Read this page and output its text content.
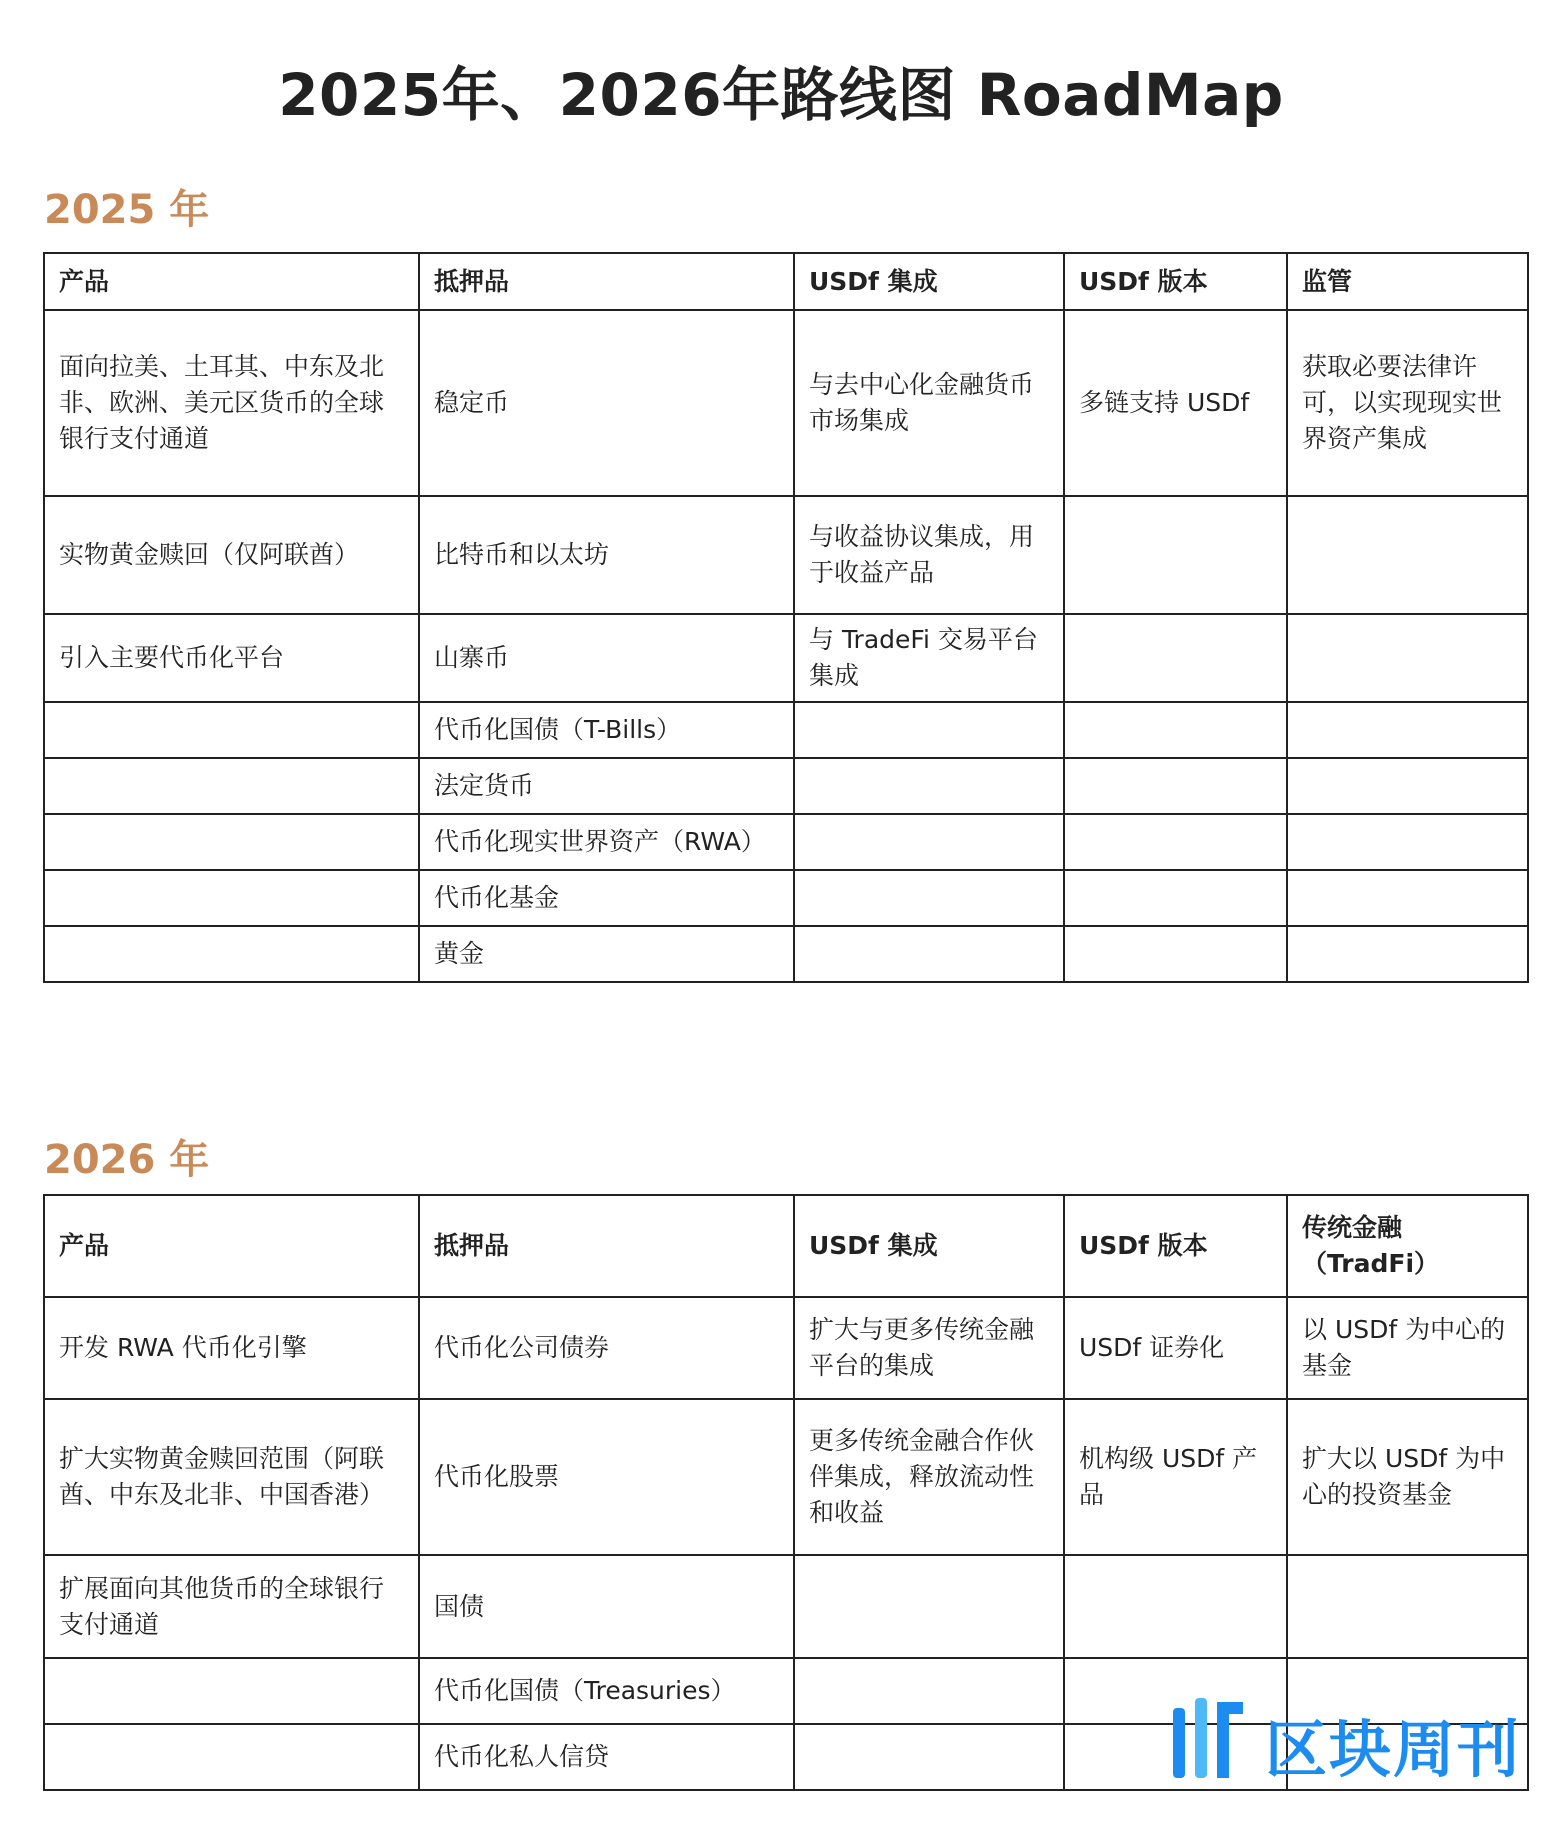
2025年、2026年路线图 RoadMap
2025 年
产品	抵押品	USDf 集成	USDf 版本	监管
面向拉美、土耳其、中东及北非、欧洲、美元区货币的全球银行支付通道	稳定币	与去中心化金融货币市场集成	多链支持 USDf	获取必要法律许可，以实现现实世界资产集成
实物黄金赎回（仅阿联酋）	比特币和以太坊	与收益协议集成，用于收益产品		
引入主要代币化平台	山寨币	与 TradeFi 交易平台集成		
	代币化国债（T-Bills）			
	法定货币			
	代币化现实世界资产（RWA）			
	代币化基金			
	黄金			
2026 年
产品	抵押品	USDf 集成	USDf 版本	传统金融（TradFi）
开发 RWA 代币化引擎	代币化公司债券	扩大与更多传统金融平台的集成	USDf 证券化	以 USDf 为中心的基金
扩大实物黄金赎回范围（阿联酋、中东及北非、中国香港）	代币化股票	更多传统金融合作伙伴集成，释放流动性和收益	机构级 USDf 产品	扩大以 USDf 为中心的投资基金
扩展面向其他货币的全球银行支付通道	国债			
	代币化国债（Treasuries）			
	代币化私人信贷				区块周刊
